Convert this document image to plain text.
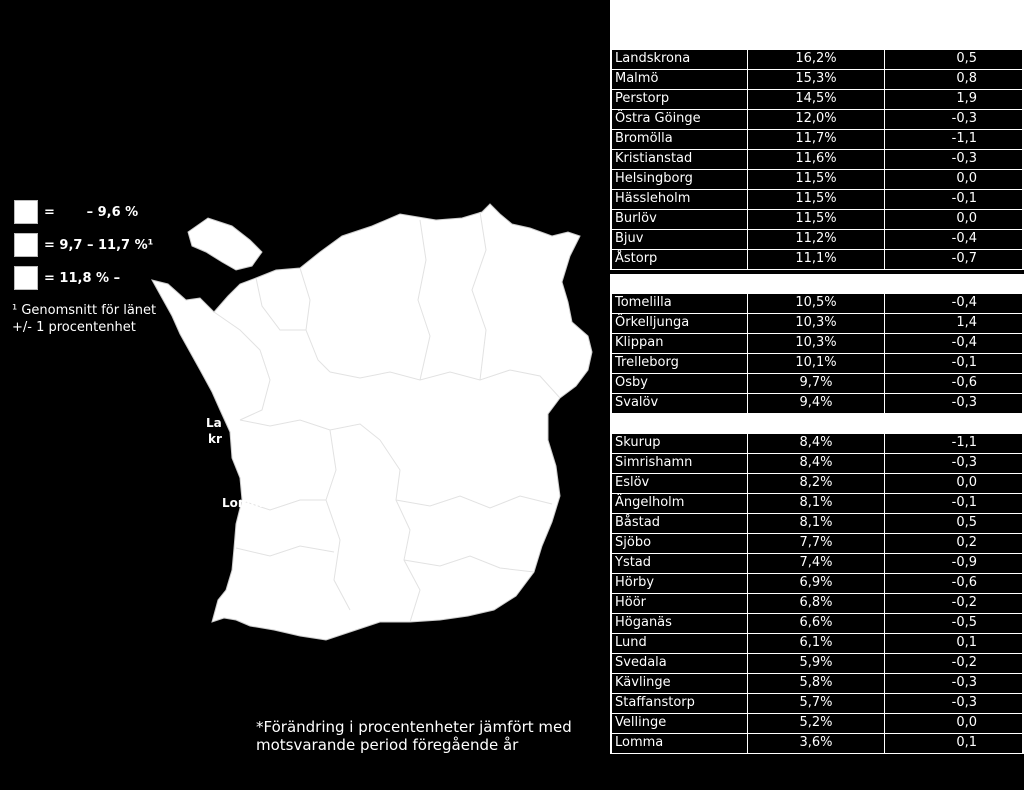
=       – 9,6 %
= 9,7 – 11,7 %¹
= 11,8 % –
¹ Genomsnitt för länet
+/- 1 procentenhet
La
kr
Lomm
Burl
V
*Förändring i procentenheter jämfört med
motsvarande period föregående år
Landskrona	16,2%	0,5
Malmö	15,3%	0,8
Perstorp	14,5%	1,9
Östra Göinge	12,0%	-0,3
Bromölla	11,7%	-1,1
Kristianstad	11,6%	-0,3
Helsingborg	11,5%	0,0
Hässleholm	11,5%	-0,1
Burlöv	11,5%	0,0
Bjuv	11,2%	-0,4
Åstorp	11,1%	-0,7
Tomelilla	10,5%	-0,4
Örkelljunga	10,3%	1,4
Klippan	10,3%	-0,4
Trelleborg	10,1%	-0,1
Osby	9,7%	-0,6
Svalöv	9,4%	-0,3
Skurup	8,4%	-1,1
Simrishamn	8,4%	-0,3
Eslöv	8,2%	0,0
Ängelholm	8,1%	-0,1
Båstad	8,1%	0,5
Sjöbo	7,7%	0,2
Ystad	7,4%	-0,9
Hörby	6,9%	-0,6
Höör	6,8%	-0,2
Höganäs	6,6%	-0,5
Lund	6,1%	0,1
Svedala	5,9%	-0,2
Kävlinge	5,8%	-0,3
Staffanstorp	5,7%	-0,3
Vellinge	5,2%	0,0
Lomma	3,6%	0,1
